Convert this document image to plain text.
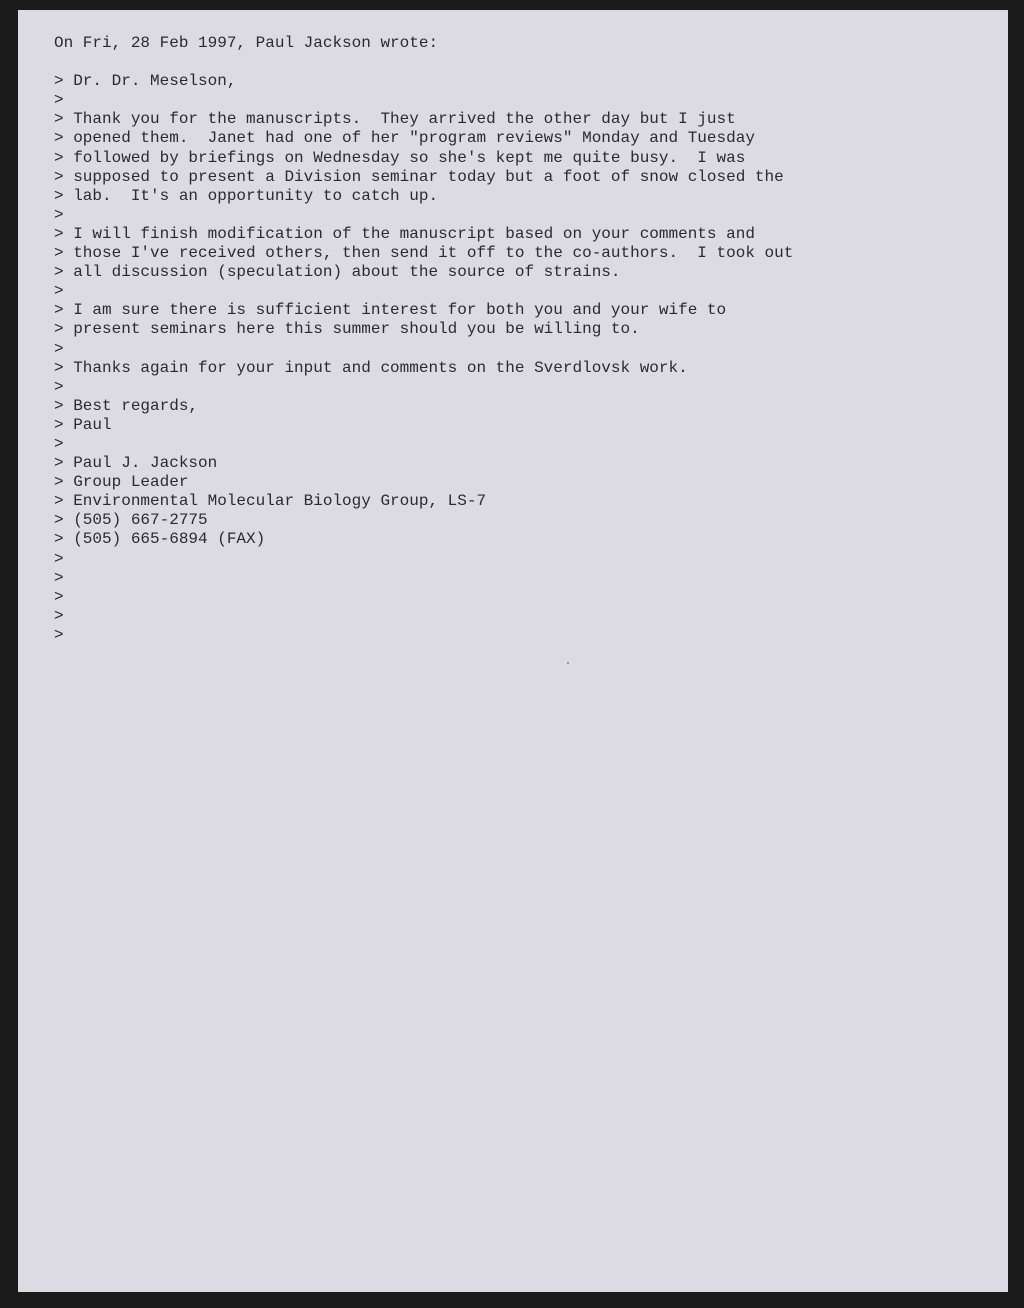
On Fri, 28 Feb 1997, Paul Jackson wrote:
> Dr. Dr. Meselson,
>
> Thank you for the manuscripts.  They arrived the other day but I just
> opened them.  Janet had one of her "program reviews" Monday and Tuesday
> followed by briefings on Wednesday so she's kept me quite busy.  I was
> supposed to present a Division seminar today but a foot of snow closed the
> lab.  It's an opportunity to catch up.
>
> I will finish modification of the manuscript based on your comments and
> those I've received others, then send it off to the co-authors.  I took out
> all discussion (speculation) about the source of strains.
>
> I am sure there is sufficient interest for both you and your wife to
> present seminars here this summer should you be willing to.
>
> Thanks again for your input and comments on the Sverdlovsk work.
>
> Best regards,
> Paul
>
> Paul J. Jackson
> Group Leader
> Environmental Molecular Biology Group, LS-7
> (505) 667-2775
> (505) 665-6894 (FAX)
>
>
>
>
>
